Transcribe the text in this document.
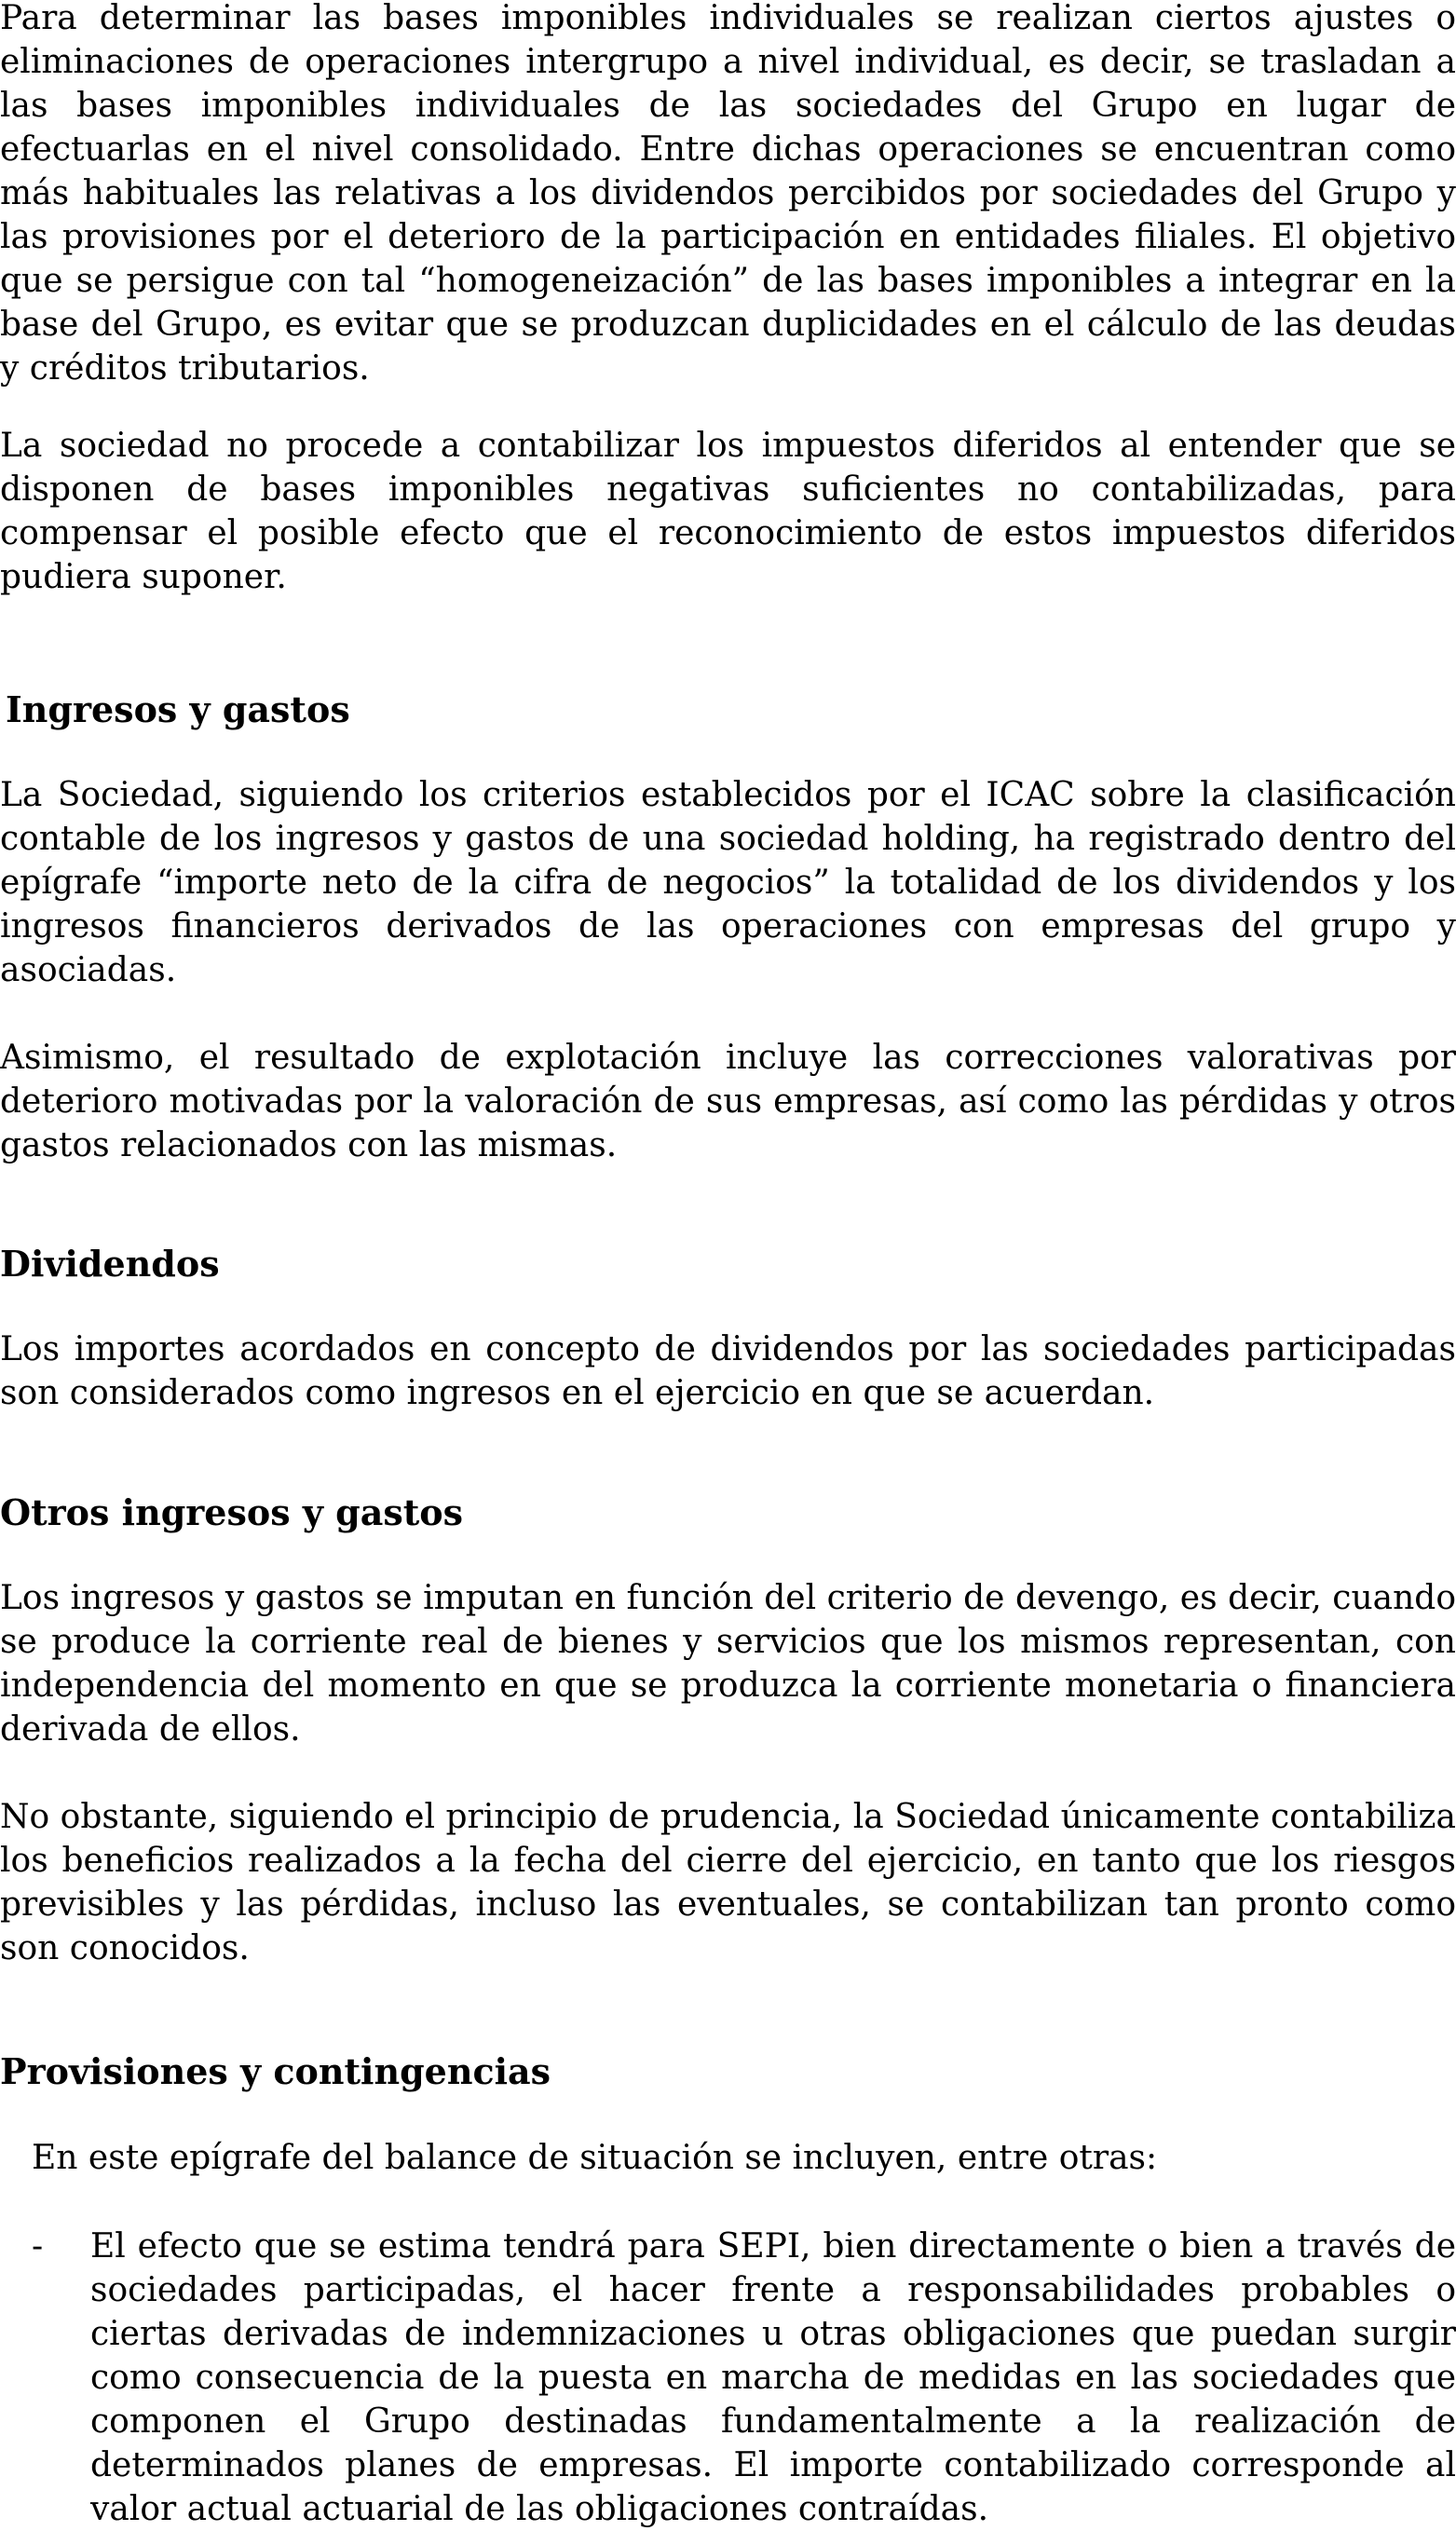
Para determinar las bases imponibles individuales se realizan ciertos ajustes o eliminaciones de operaciones intergrupo a nivel individual, es decir, se trasladan a las bases imponibles individuales de las sociedades del Grupo en lugar de efectuarlas en el nivel consolidado. Entre dichas operaciones se encuentran como más habituales las relativas a los dividendos percibidos por sociedades del Grupo y las provisiones por el deterioro de la participación en entidades filiales. El objetivo que se persigue con tal “homogeneización” de las bases imponibles a integrar en la base del Grupo, es evitar que se produzcan duplicidades en el cálculo de las deudas y créditos tributarios.

La sociedad no procede a contabilizar los impuestos diferidos al entender que se disponen de bases imponibles negativas suficientes no contabilizadas, para compensar el posible efecto que el reconocimiento de estos impuestos diferidos pudiera suponer.

Ingresos y gastos

La Sociedad, siguiendo los criterios establecidos por el ICAC sobre la clasificación contable de los ingresos y gastos de una sociedad holding, ha registrado dentro del epígrafe “importe neto de la cifra de negocios” la totalidad de los dividendos y los ingresos financieros derivados de las operaciones con empresas del grupo y asociadas.

Asimismo, el resultado de explotación incluye las correcciones valorativas por deterioro motivadas por la valoración de sus empresas, así como las pérdidas y otros gastos relacionados con las mismas.

Dividendos

Los importes acordados en concepto de dividendos por las sociedades participadas son considerados como ingresos en el ejercicio en que se acuerdan.

Otros ingresos y gastos

Los ingresos y gastos se imputan en función del criterio de devengo, es decir, cuando se produce la corriente real de bienes y servicios que los mismos representan, con independencia del momento en que se produzca la corriente monetaria o financiera derivada de ellos.

No obstante, siguiendo el principio de prudencia, la Sociedad únicamente contabiliza los beneficios realizados a la fecha del cierre del ejercicio, en tanto que los riesgos previsibles y las pérdidas, incluso las eventuales, se contabilizan tan pronto como son conocidos.

Provisiones y contingencias
En este epígrafe del balance de situación se incluyen, entre otras:
-	El efecto que se estima tendrá para SEPI, bien directamente o bien a través de sociedades participadas, el hacer frente a responsabilidades probables o ciertas derivadas de indemnizaciones u otras obligaciones que puedan surgir como consecuencia de la puesta en marcha de medidas en las sociedades que componen el Grupo destinadas fundamentalmente a la realización de determinados planes de empresas. El importe contabilizado corresponde al valor actual actuarial de las obligaciones contraídas.
